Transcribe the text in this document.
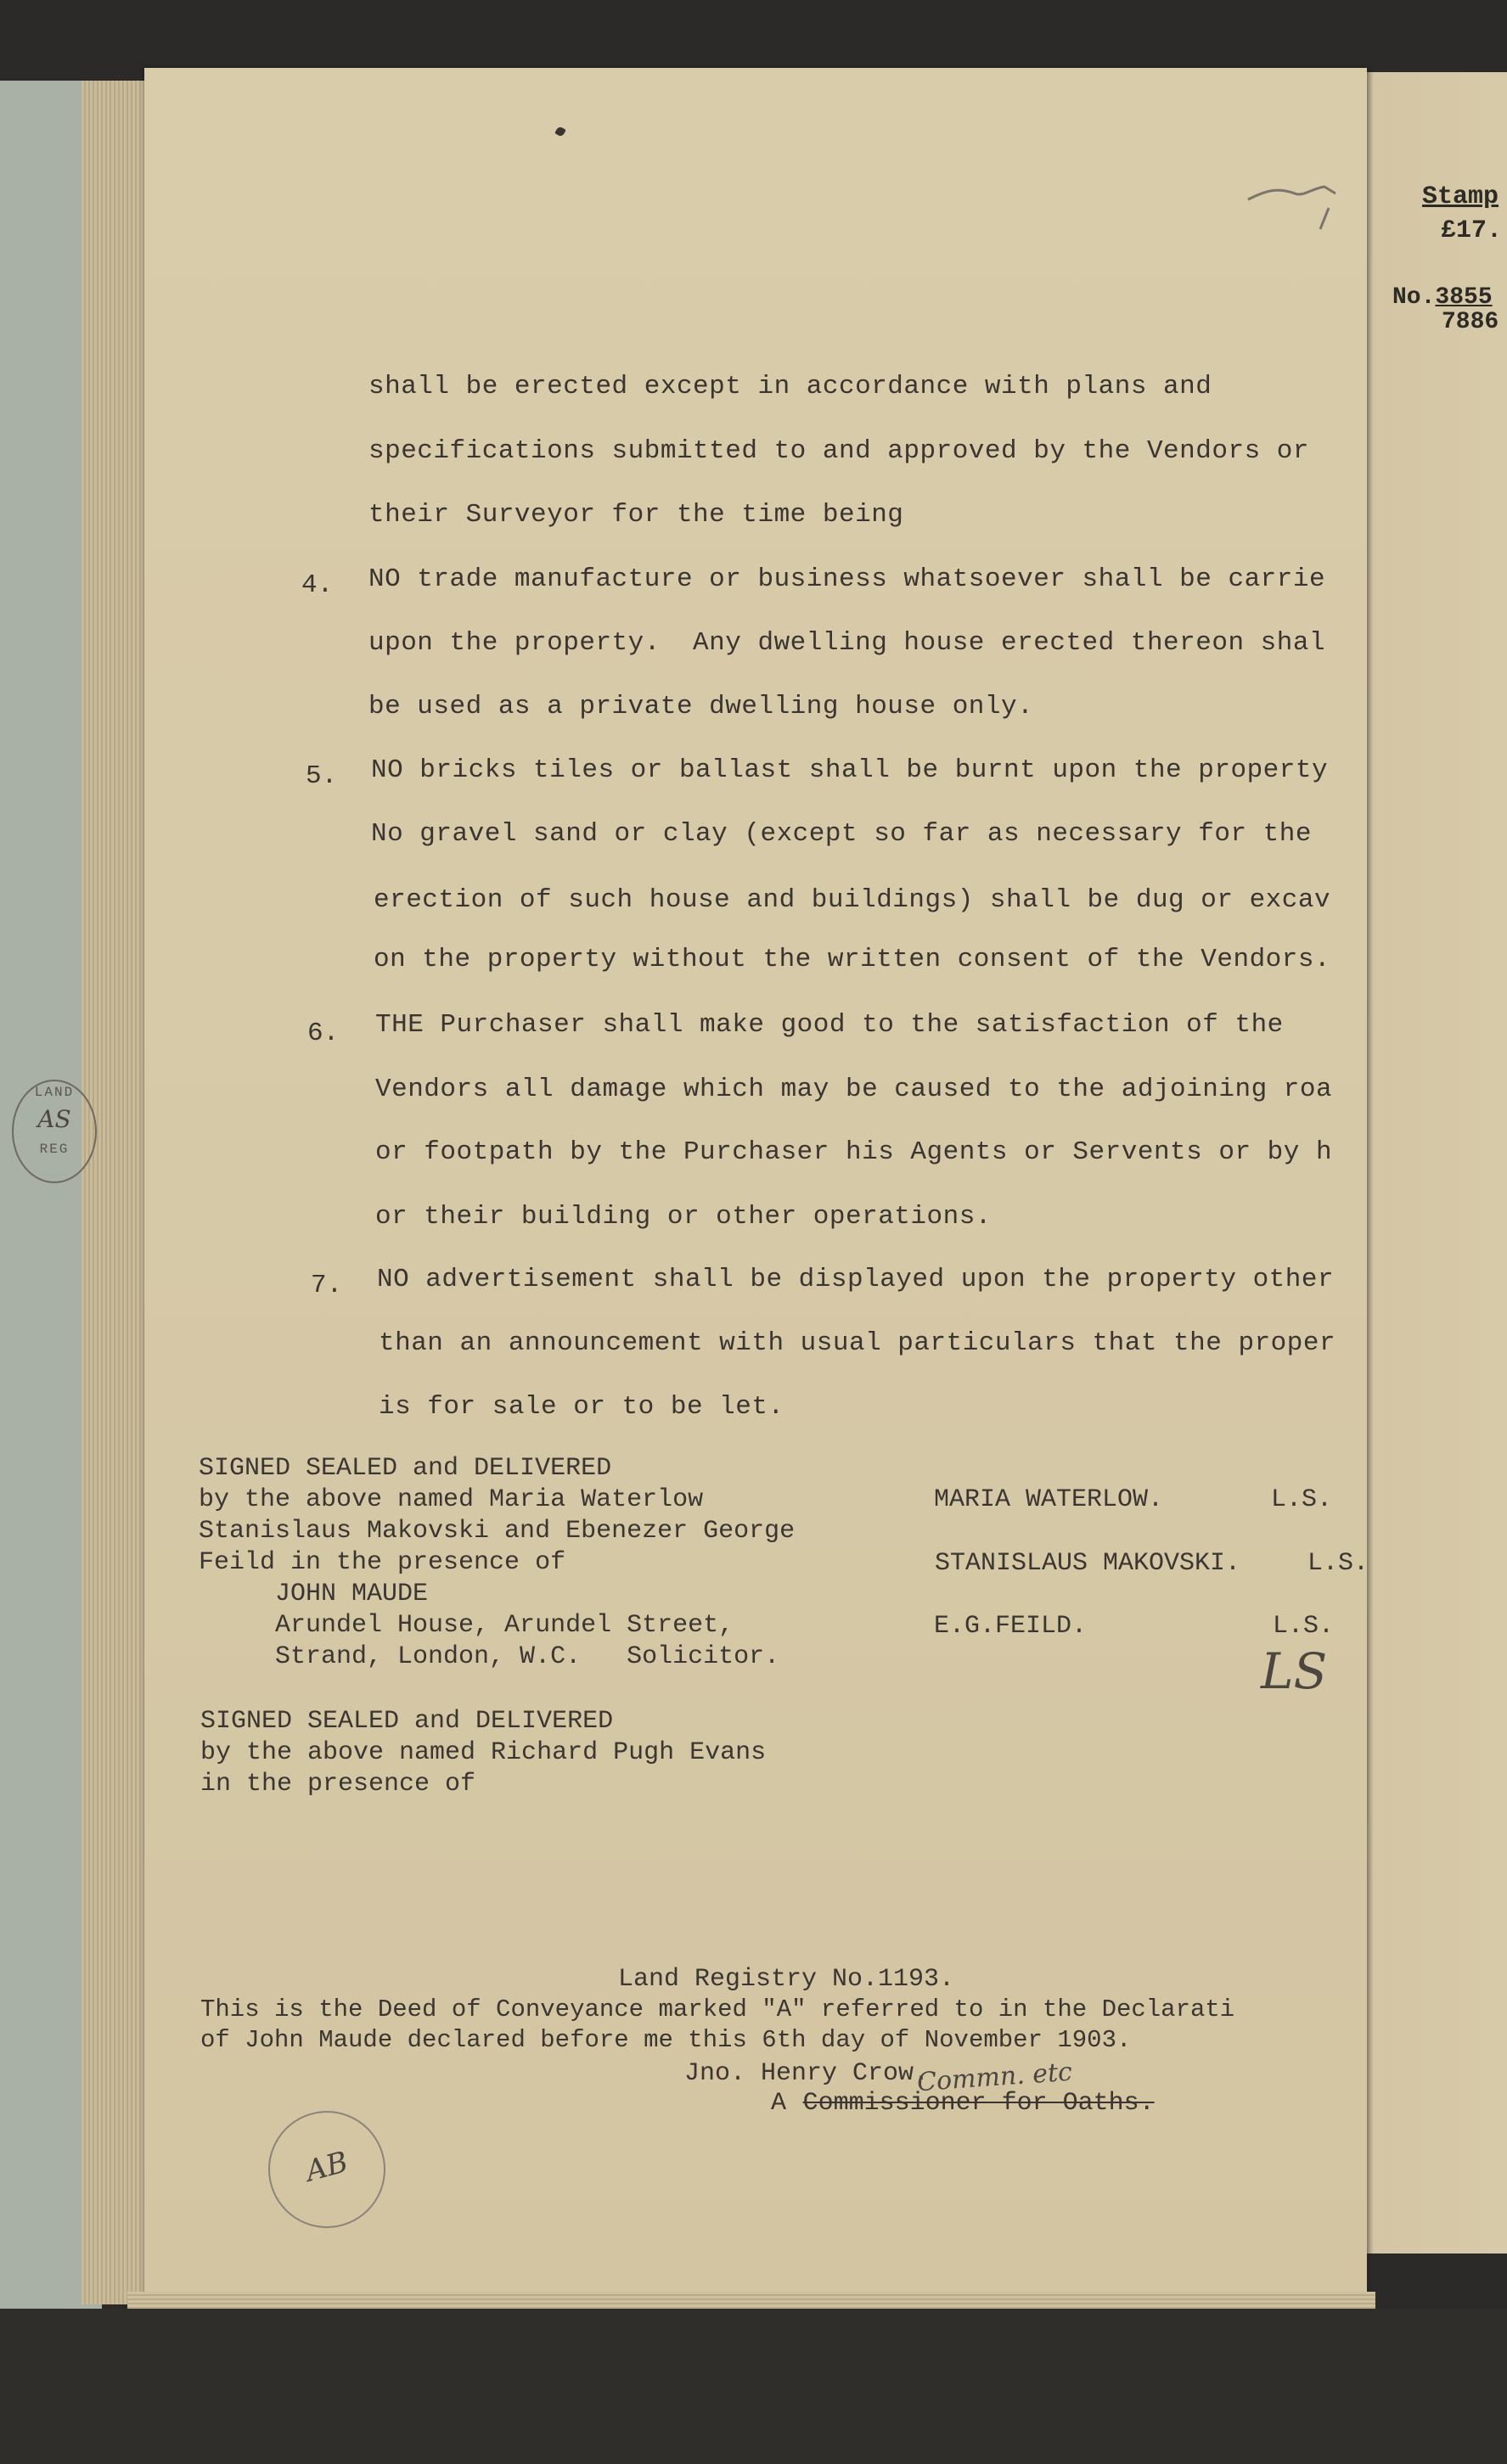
Stamp
£17.
No.3855
7886
shall be erected except in accordance with plans and
specifications submitted to and approved by the Vendors or
their Surveyor for the time being
4. NO trade manufacture or business whatsoever shall be carrie
upon the property.  Any dwelling house erected thereon shal
be used as a private dwelling house only.
5. NO bricks tiles or ballast shall be burnt upon the property
No gravel sand or clay (except so far as necessary for the
erection of such house and buildings) shall be dug or excav
on the property without the written consent of the Vendors.
6. THE Purchaser shall make good to the satisfaction of the
Vendors all damage which may be caused to the adjoining roa
or footpath by the Purchaser his Agents or Servents or by h
or their building or other operations.
7. NO advertisement shall be displayed upon the property other
than an announcement with usual particulars that the proper
is for sale or to be let.
SIGNED SEALED and DELIVERED
by the above named Maria Waterlow
Stanislaus Makovski and Ebenezer George
Feild in the presence of
JOHN MAUDE
Arundel House, Arundel Street,
Strand, London, W.C.   Solicitor.
MARIA WATERLOW.	L.S.
STANISLAUS MAKOVSKI.	L.S.
E.G.FEILD.	L.S.
LS
SIGNED SEALED and DELIVERED
by the above named Richard Pugh Evans
in the presence of
Land Registry No.1193.
This is the Deed of Conveyance marked "A" referred to in the Declarati
of John Maude declared before me this 6th day of November 1903.
Jno. Henry Crow.
A Commissioner for Oaths.
Commn. etc
LAND
AS
REG
AB
